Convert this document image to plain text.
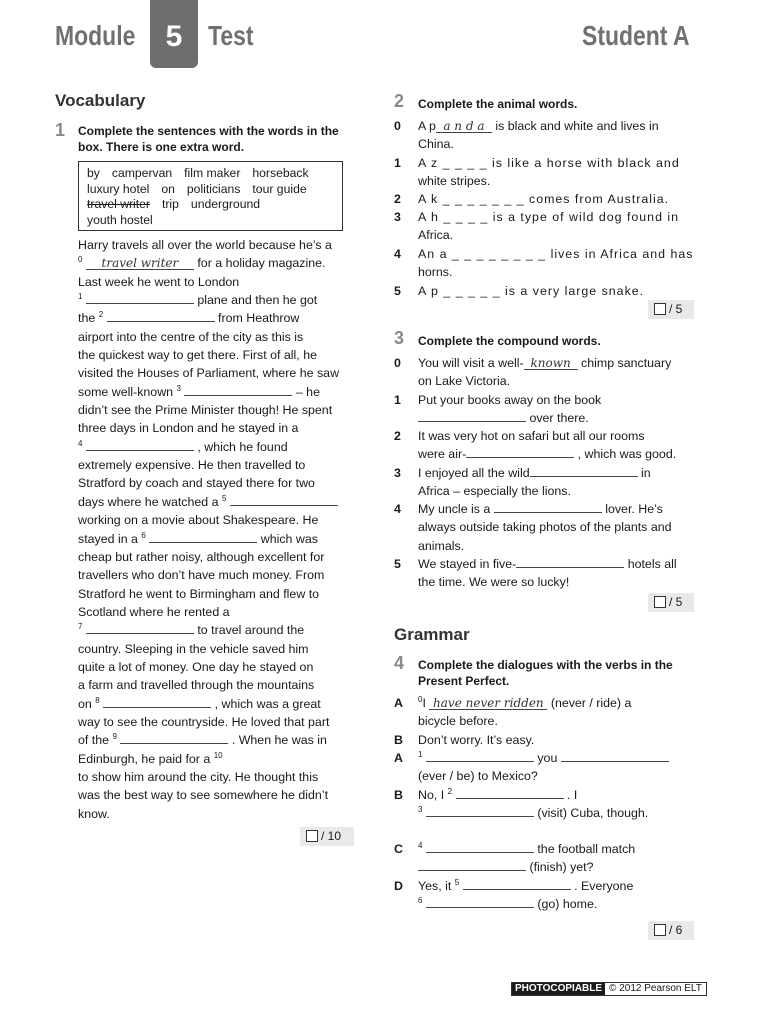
Module	5 Test	Student A
Vocabulary
1 Complete the sentences with the words in the
box. There is one extra word.
by campervan film maker horseback
luxury hotel on politicians tour guide
travel writer trip underground
youth hostel
Harry travels all over the world because he’s a
$^0$ travel writer for a holiday magazine.
Last week he went to London
$^1$	plane and then he got
the $^2$	from Heathrow
airport into the centre of the city as this is
the quickest way to get there. First of all, he
visited the Houses of Parliament, where he saw
some well-known $^3$	– he
didn’t see the Prime Minister though! He spent
three days in London and he stayed in a
$^4$	, which he found
extremely expensive. He then travelled to
Stratford by coach and stayed there for two
days where he watched a $^5$
working on a movie about Shakespeare. He
stayed in a $^6$	which was
cheap but rather noisy, although excellent for
travellers who don’t have much money. From
Stratford he went to Birmingham and flew to
Scotland where he rented a
$^7$	to travel around the
country. Sleeping in the vehicle saved him
quite a lot of money. One day he stayed on
a farm and travelled through the mountains
on $^8$	, which was a great
way to see the countryside. He loved that part
of the $^9$	. When he was in
Edinburgh, he paid for a $^{10}$
to show him around the city. He thought this
was the best way to see somewhere he didn’t
know.
/ 10
2 Complete the animal words.
0 A p a n d a is black and white and lives in
China.
1 A z _ _ _ _ is like a horse with black and
white stripes.
2 A k _ _ _ _ _ _ _ comes from Australia.
3 A h _ _ _ _ is a type of wild dog found in
Africa.
4 An a _ _ _ _ _ _ _ _ lives in Africa and has
horns.
5 A p _ _ _ _ _ is a very large snake.
/ 5
3 Complete the compound words.
0 You will visit a well- known chimp sanctuary
on Lake Victoria.
1 Put your books away on the book
over there.
2 It was very hot on safari but all our rooms
were air-	, which was good.
3 I enjoyed all the wild	in
Africa – especially the lions.
4 My uncle is a	lover. He’s
always outside taking photos of the plants and
animals.
5 We stayed in five-	hotels all
the time. We were so lucky!
/ 5
Grammar
4 Complete the dialogues with the verbs in the
Present Perfect.
A $^0$I have never ridden (never / ride) a
bicycle before.
B Don’t worry. It’s easy.
A $^1$	you
(ever / be) to Mexico?
B No, I $^2$	. I
$^3$	(visit) Cuba, though.
C $^4$	the football match
(finish) yet?
D Yes, it $^5$	. Everyone
$^6$	(go) home.
/ 6
PHOTOCOPIABLE © 2012 Pearson ELT
